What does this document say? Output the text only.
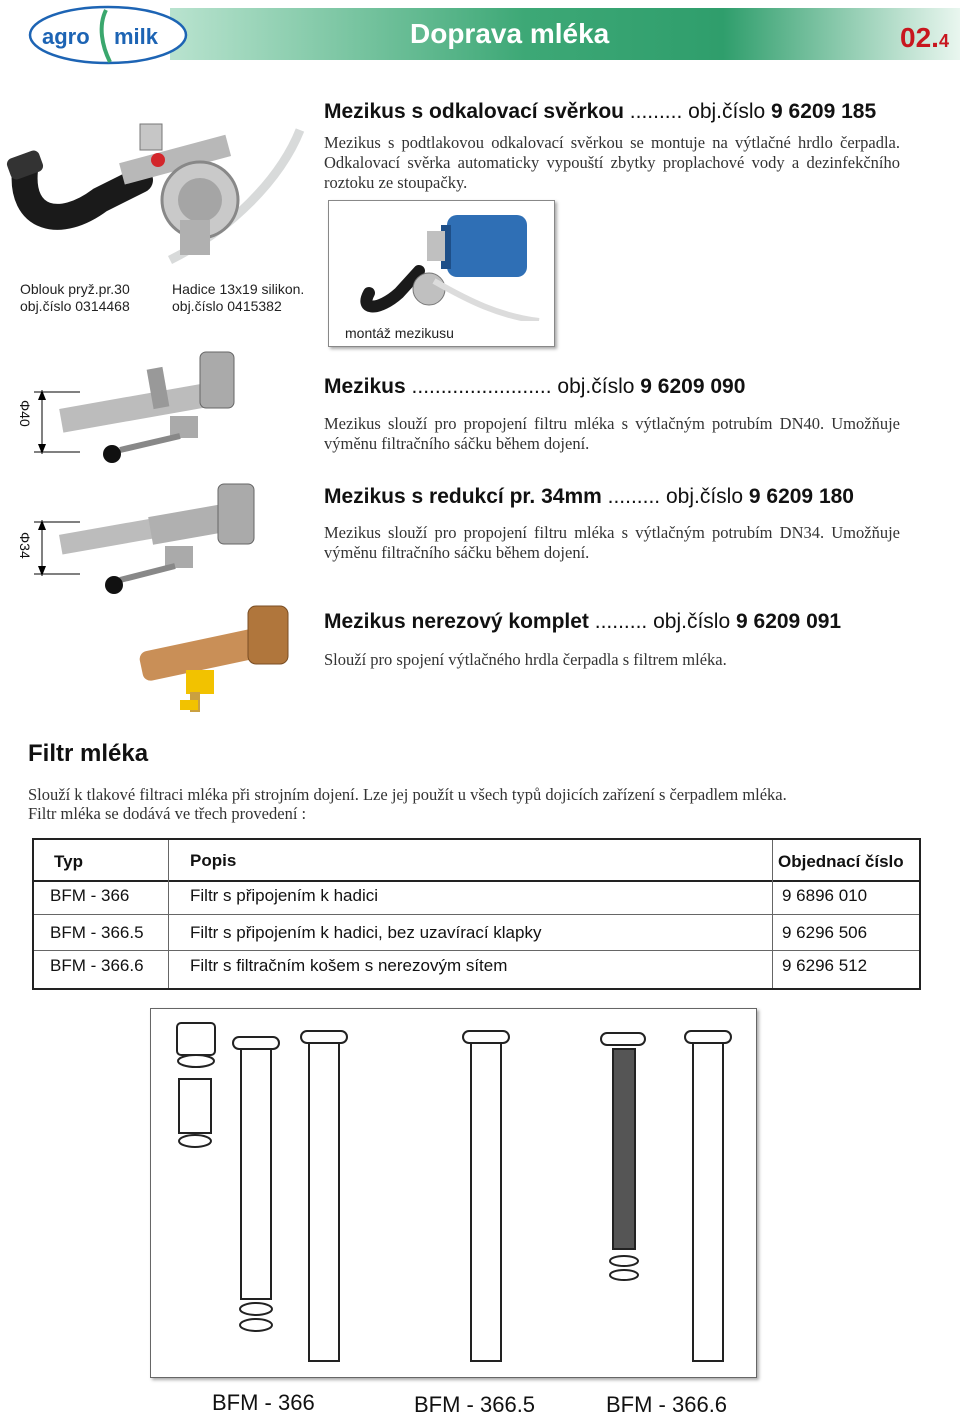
agro milk	Doprava mléka	02.4
Oblouk pryž.pr.30
obj.číslo 0314468
Hadice 13x19 silikon.
obj.číslo 0415382
Mezikus s odkalovací svěrkou ......... obj.číslo 9 6209 185
Mezikus s podtlakovou odkalovací svěrkou se montuje na výtlačné hrdlo čerpadla. Odkalovací svěrka automaticky vypouští zbytky proplachové vody a dezinfekčního roztoku ze stoupačky.
montáž mezikusu
Φ40
Mezikus ........................ obj.číslo 9 6209 090
Mezikus slouží pro propojení filtru mléka s výtlačným potrubím DN40. Umožňuje výměnu filtračního sáčku během dojení.
Φ34
Mezikus s redukcí pr. 34mm ......... obj.číslo 9 6209 180
Mezikus slouží pro propojení filtru mléka s výtlačným potrubím DN34. Umožňuje výměnu filtračního sáčku během dojení.
Mezikus nerezový komplet ......... obj.číslo 9 6209 091
Slouží pro spojení výtlačného hrdla čerpadla s filtrem mléka.
Filtr mléka
Slouží k tlakové filtraci mléka při strojním dojení. Lze jej použít u všech typů dojicích zařízení s čerpadlem mléka.
Filtr mléka se dodává ve třech provedení :
Typ	Popis	Objednací číslo
BFM - 366	Filtr s připojením k hadici	9 6896 010
BFM - 366.5	Filtr s připojením k hadici, bez uzavírací klapky	9 6296 506
BFM - 366.6	Filtr s filtračním košem s nerezovým sítem	9 6296 512
BFM - 366	BFM - 366.5	BFM - 366.6
